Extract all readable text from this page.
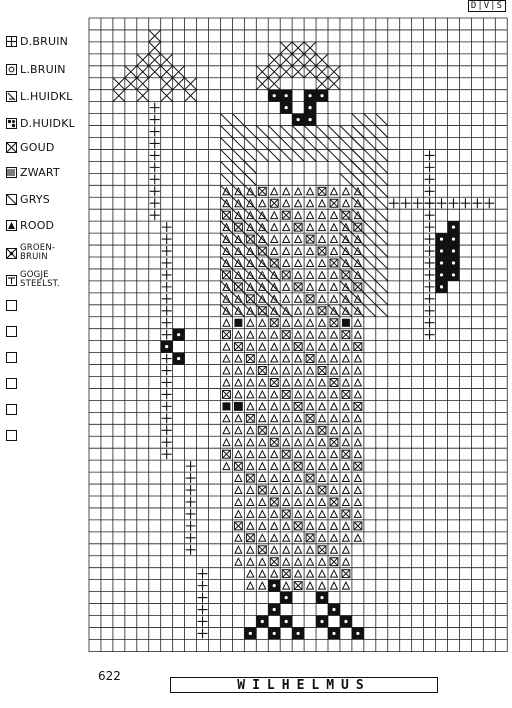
D|V|S
D.BRUIN
L.BRUIN
L.HUIDKL
D.HUIDKL
GOUD
ZWART
GRYS
ROOD
GROEN-
BRUIN
GOGJE
STEELST.
622
WILHELMUS
